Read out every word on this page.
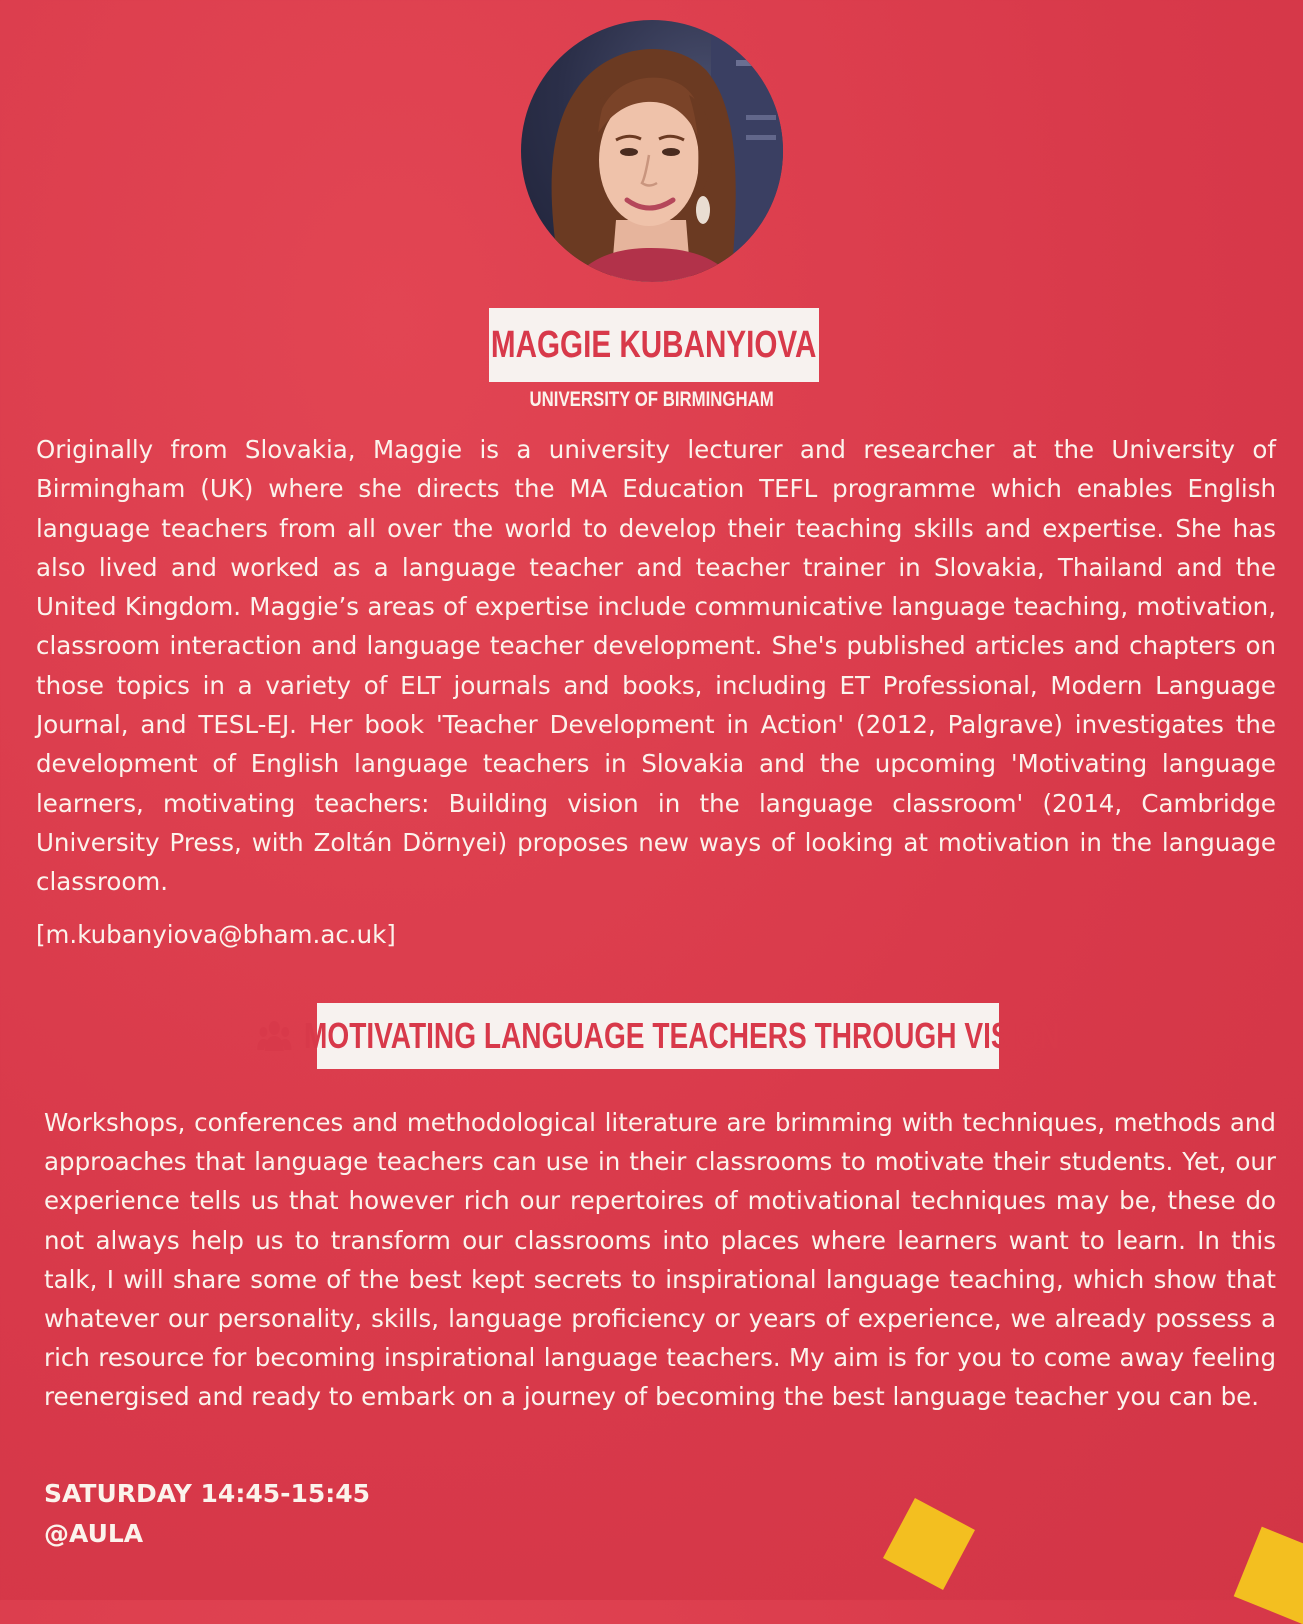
MAGGIE KUBANYIOVA
UNIVERSITY OF BIRMINGHAM

Originally from Slovakia, Maggie is a university lecturer and researcher at the University of Birmingham (UK) where she directs the MA Education TEFL programme which enables English language teachers from all over the world to develop their teaching skills and expertise. She has also lived and worked as a language teacher and teacher trainer in Slovakia, Thailand and the United Kingdom. Maggie’s areas of expertise include communicative language teaching, motivation, classroom interaction and language teacher development. She's published articles and chapters on those topics in a variety of ELT journals and books, including ET Professional, Modern Language Journal, and TESL-EJ. Her book 'Teacher Development in Action' (2012, Palgrave) investigates the development of English language teachers in Slovakia and the upcoming 'Motivating language learners, motivating teachers: Building vision in the language classroom' (2014, Cambridge University Press, with Zoltán Dörnyei) proposes new ways of looking at motivation in the language classroom.

[m.kubanyiova@bham.ac.uk]

MOTIVATING LANGUAGE TEACHERS THROUGH VISION

Workshops, conferences and methodological literature are brimming with techniques, methods and approaches that language teachers can use in their classrooms to motivate their students. Yet, our experience tells us that however rich our repertoires of motivational techniques may be, these do not always help us to transform our classrooms into places where learners want to learn. In this talk, I will share some of the best kept secrets to inspirational language teaching, which show that whatever our personality, skills, language proficiency or years of experience, we already possess a rich resource for becoming inspirational language teachers. My aim is for you to come away feeling reenergised and ready to embark on a journey of becoming the best language teacher you can be.

SATURDAY 14:45-15:45
@AULA
